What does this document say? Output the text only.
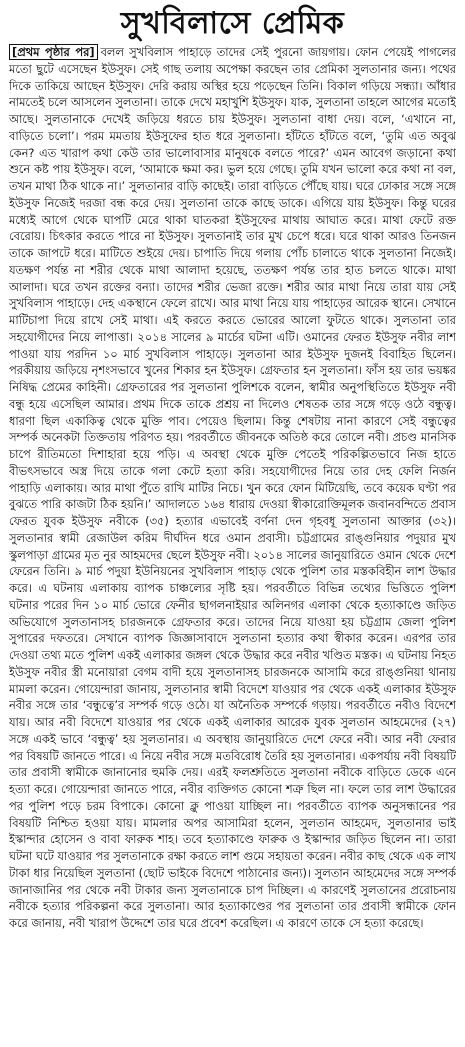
সুখবিলাসে প্রেমিক
[প্রথম পৃষ্ঠার পর] বলল সুখবিলাস পাহাড়ে তাদের সেই পুরনো জায়গায়। ফোন পেয়েই পাগলের মতো ছুটে এসেছেন ইউসুফ। সেই গাছ তলায় অপেক্ষা করছেন তার প্রেমিকা সুলতানার জন্য। পথের দিকে তাকিয়ে আছেন ইউসুফ। দেরি করায় অস্থির হয়ে পড়েছেন তিনি। বিকাল গড়িয়ে সন্ধ্যা। আঁধার নামতেই চলে আসলেন সুলতানা। তাকে দেখে মহাখুশি ইউসুফ। যাক, সুলতানা তাহলে আগের মতোই আছে। সুলতানাকে দেখেই জড়িয়ে ধরতে চায় ইউসুফ। সুলতানা বাধা দেয়। বলে, ‘এখানে না, বাড়িতে চলো’। পরম মমতায় ইউসুফের হাত ধরে সুলতানা। হাঁটতে হাঁটতে বলে, ‘তুমি এত অবুঝ কেন? এত খারাপ কথা কেউ তার ভালোবাসার মানুষকে বলতে পারে?’ এমন আবেগ জড়ানো কথা শুনে কষ্ট পায় ইউসুফ। বলে, ‘আমাকে ক্ষমা কর। ভুল হয়ে গেছে। তুমি যখন ভালো করে কথা না বল, তখন মাথা ঠিক থাকে না।’ সুলতানার বাড়ি কাছেই। তারা বাড়িতে পৌঁছে যায়। ঘরে ঢোকার সঙ্গে সঙ্গে ইউসুফ নিজেই দরজা বন্ধ করে দেয়। সুলতানা তাকে কাছে ডাকে। এগিয়ে যায় ইউসুফ। কিন্তু ঘরের মধ্যেই আগে থেকে ঘাপটি মেরে থাকা ঘাতকরা ইউসুফের মাথায় আঘাত করে। মাথা ফেটে রক্ত বেরোয়। চিৎকার করতে পারে না ইউসুফ। সুলতানাই তার মুখ চেপে ধরে। ঘরে থাকা আরও তিনজন তাকে জাপটে ধরে। মাটিতে শুইয়ে দেয়। চাপাতি দিয়ে গলায় পোঁচ চালাতে থাকে সুলতানা নিজেই। যতক্ষণ পর্যন্ত না শরীর থেকে মাথা আলাদা হয়েছে, ততক্ষণ পর্যন্ত তার হাত চলতে থাকে। মাথা আলাদা। ঘরে তখন রক্তের বন্যা। তাদের শরীর ভেজা রক্তে। শরীর আর মাথা নিয়ে তারা যায় সেই সুখবিলাস পাহাড়ে। দেহ একস্থানে ফেলে রাখে। আর মাথা নিয়ে যায় পাহাড়ের আরেক স্থানে। সেখানে মাটিচাপা দিয়ে রাখে সেই মাথা। এই করতে করতে ভোরের আলো ফুটতে থাকে। সুলতানা তার সহযোগীদের নিয়ে লাপাত্তা। ২০১৪ সালের ৯ মার্চের ঘটনা এটি। ওমানের ফেরত ইউসুফ নবীর লাশ পাওয়া যায় পরদিন ১০ মার্চ সুখবিলাস পাহাড়ে। সুলতানা আর ইউসুফ দুজনই বিবাহিত ছিলেন। পরকীয়ায় জড়িয়ে নৃশংসভাবে খুনের শিকার হন ইউসুফ। গ্রেফতার হন সুলতানা। ফাঁস হয় তার ভয়ঙ্কর নিষিদ্ধ প্রেমের কাহিনী। গ্রেফতারের পর সুলতানা পুলিশকে বলেন, স্বামীর অনুপস্থিতিতে ইউসুফ নবী বন্ধু হয়ে এসেছিল আমার। প্রথম দিকে তাকে প্রশ্রয় না দিলেও শেষতক তার সঙ্গে গড়ে ওঠে বন্ধুত্ব। ধারণা ছিল একাকিত্ব থেকে মুক্তি পাব। পেয়েও ছিলাম। কিন্তু শেষটায় নানা কারণে সেই বন্ধুত্বের সম্পর্ক অনেকটা তিক্ততায় পরিণত হয়। পরবর্তীতে জীবনকে অতিষ্ঠ করে তোলে নবী। প্রচণ্ড মানসিক চাপে রীতিমতো দিশাহারা হয়ে পড়ি। এ অবস্থা থেকে মুক্তি পেতেই পরিকল্পিতভাবে নিজ হাতে বীভৎসভাবে অস্ত্র দিয়ে তাকে গলা কেটে হত্যা করি। সহযোগীদের নিয়ে তার দেহ ফেলি নির্জন পাহাড়ি এলাকায়। আর মাথা পুঁতে রাখি মাটির নিচে। খুন করে ফোন মিটিয়েছি, তবে কয়েক ঘণ্টা পর বুঝতে পারি কাজটা ঠিক হয়নি।’ আদালতে ১৬৪ ধারায় দেওয়া স্বীকারোক্তিমূলক জবানবন্দিতে প্রবাস ফেরত যুবক ইউসুফ নবীকে (৩৫) হত্যার এভাবেই বর্ণনা দেন গৃহবধূ সুলতানা আক্তার (৩২)। সুলতানার স্বামী রেজাউল করিম দীর্ঘদিন ধরে ওমান প্রবাসী। চট্টগ্রামের রাঙ্গুনিয়ার পদুয়ার মুখ স্কুলপাড়া গ্রামের মৃত নুর আহমদের ছেলে ইউসুফ নবী। ২০১৪ সালের জানুয়ারিতে ওমান থেকে দেশে ফেরেন তিনি। ৯ মার্চ পদুয়া ইউনিয়নের সুখবিলাস পাহাড় থেকে পুলিশ তার মস্তকবিহীন লাশ উদ্ধার করে। এ ঘটনায় এলাকায় ব্যাপক চাঞ্চল্যের সৃষ্টি হয়। পরবর্তীতে বিভিন্ন তথ্যের ভিত্তিতে পুলিশ ঘটনার পরের দিন ১০ মার্চ ভোরে ফেনীর ছাগলনাইয়ার অলিনগর এলাকা থেকে হত্যাকাণ্ডে জড়িত অভিযোগে সুলতানাসহ চারজনকে গ্রেফতার করে। তাদের নিয়ে যাওয়া হয় চট্টগ্রাম জেলা পুলিশ সুপারের দফতরে। সেখানে ব্যাপক জিজ্ঞাসাবাদে সুলতানা হত্যার কথা স্বীকার করেন। এরপর তার দেওয়া তথ্য মতে পুলিশ একই এলাকার জঙ্গল থেকে উদ্ধার করে নবীর খণ্ডিত মস্তক। এ ঘটনায় নিহত ইউসুফ নবীর স্ত্রী মনোয়ারা বেগম বাদী হয়ে সুলতানাসহ চারজনকে আসামি করে রাঙ্গুনিয়া থানায় মামলা করেন। গোয়েন্দারা জানায়, সুলতানার স্বামী বিদেশে যাওয়ার পর থেকে একই এলাকার ইউসুফ নবীর সঙ্গে তার ‘বন্ধুত্বে’র সম্পর্ক গড়ে ওঠে। যা অনৈতিক সম্পর্কে গড়ায়। পরবর্তীতে নবীও বিদেশে যায়। আর নবী বিদেশে যাওয়ার পর থেকে একই এলাকার আরেক যুবক সুলতান আহমেদের (২৭) সঙ্গে একই ভাবে ‘বন্ধুত্ব’ হয় সুলতানার। এ অবস্থায় জানুয়ারিতে দেশে ফেরে নবী। আর নবী ফেরার পর বিষয়টি জানতে পারে। এ নিয়ে নবীর সঙ্গে মতবিরোধ তৈরি হয় সুলতানার। একপর্যায় নবী বিষয়টি তার প্রবাসী স্বামীকে জানানোর হুমকি দেয়। এরই ফলশ্রুতিতে সুলতানা নবীকে বাড়িতে ডেকে এনে হত্যা করে। গোয়েন্দারা জানতে পারে, নবীর ব্যক্তিগত কোনো শত্রু ছিল না। ফলে তার লাশ উদ্ধারের পর পুলিশ পড়ে চরম বিপাকে। কোনো ক্লু পাওয়া যাচ্ছিল না। পরবর্তীতে ব্যাপক অনুসন্ধানের পর বিষয়টি নিশ্চিত হওয়া যায়। মামলার অপর আসামিরা হলেন, সুলতান আহমেদ, সুলতানার ভাই ইস্কান্দার হোসেন ও বাবা ফারুক শাহ। তবে হত্যাকাণ্ডে ফারুক ও ইস্কান্দার জড়িত ছিলেন না। তারা ঘটনা ঘটে যাওয়ার পর সুলতানাকে রক্ষা করতে লাশ গুমে সহায়তা করেন। নবীর কাছ থেকে এক লাখ টাকা ধার নিয়েছিল সুলতানা (ছোট ভাইকে বিদেশে পাঠানোর জন্য)। সুলতান আহমেদের সঙ্গে সম্পর্ক জানাজানির পর থেকে নবী টাকার জন্য সুলতানাকে চাপ দিচ্ছিল। এ কারণেই সুলতানের প্ররোচনায় নবীকে হত্যার পরিকল্পনা করে সুলতানা। আর হত্যাকাণ্ডের পর সুলতানা তার প্রবাসী স্বামীকে ফোন করে জানায়, নবী খারাপ উদ্দেশে তার ঘরে প্রবেশ করেছিল। এ কারণে তাকে সে হত্যা করেছে।
